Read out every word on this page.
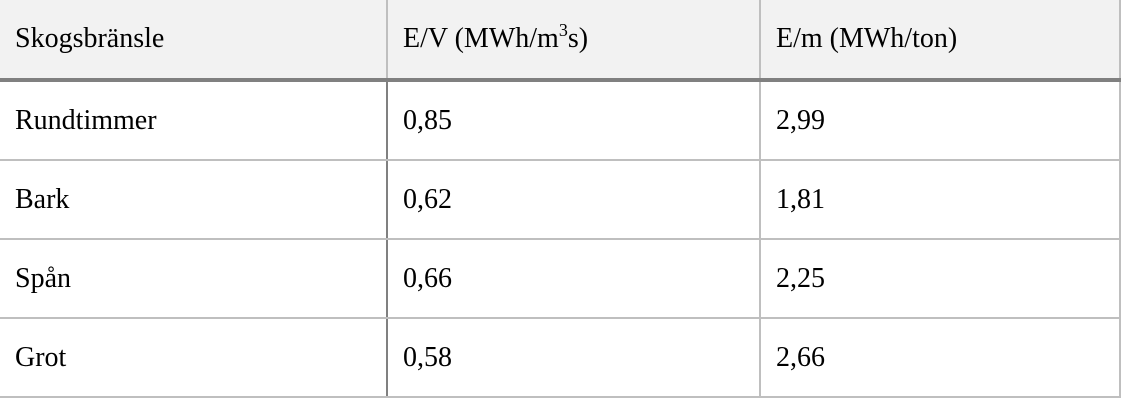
Skogsbränsle	E/V $(MWh/m^3s)$	E/m (MWh/ton)
Rundtimmer	0,85	2,99
Bark	0,62	1,81
Spån	0,66	2,25
Grot	0,58	2,66
